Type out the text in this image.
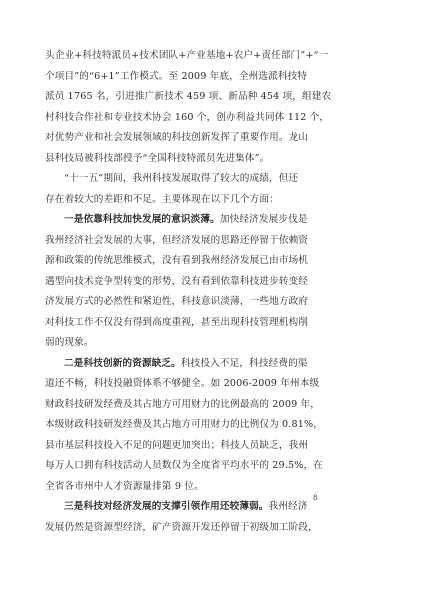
头企业+科技特派员+技术团队+产业基地+农户+责任部门”+“一
个项目”的“6+1”工作模式。至 2009 年底，全州选派科技特
派员 1765 名，引进推广新技术 459 项、新品种 454 项，组建农
村科技合作社和专业技术协会 160 个，创办利益共同体 112 个，
对优势产业和社会发展领域的科技创新发挥了重要作用。龙山
县科技局被科技部授予“全国科技特派员先进集体”。
“十一五”期间，我州科技发展取得了较大的成绩，但还
存在着较大的差距和不足。主要体现在以下几个方面：
一是依靠科技加快发展的意识淡薄。加快经济发展步伐是
我州经济社会发展的大事，但经济发展的思路还停留于依赖资
源和政策的传统思维模式，没有看到我州经济发展已由市场机
遇型向技术竞争型转变的形势，没有看到依靠科技进步转变经
济发展方式的必然性和紧迫性，科技意识淡薄，一些地方政府
对科技工作不仅没有得到高度重视，甚至出现科技管理机构削
弱的现象。
二是科技创新的资源缺乏。科技投入不足，科技经费的渠
道还不畅，科技投融资体系不够健全。如 2006-2009 年州本级
财政科技研发经费及其占地方可用财力的比例最高的 2009 年，
本级财政科技研发经费及其占地方可用财力的比例仅为 0.81%，
县市基层科技投入不足的问题更加突出；科技人员缺乏，我州
每万人口拥有科技活动人员数仅为全度省平均水平的 29.5%，在
全省各市州中人才资源量排第 9 位。
三是科技对经济发展的支撑引领作用还较薄弱。我州经济
发展仍然是资源型经济，矿产资源开发还停留于初级加工阶段，
8
